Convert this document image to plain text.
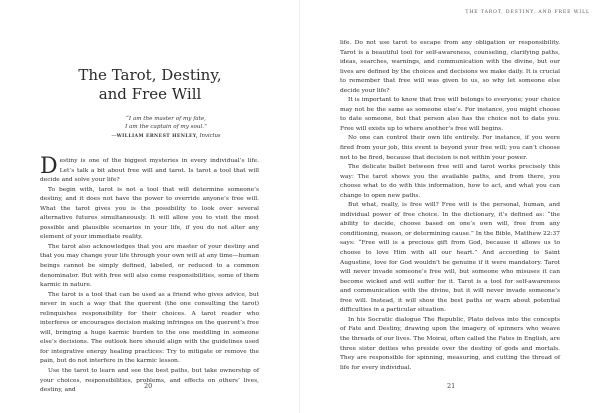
THE TAROT, DESTINY, AND FREE WILL
The Tarot, Destiny,
and Free Will
“I am the master of my fate,
I am the captain of my soul.”
—WILLIAM ERNEST HENLEY, Invictus

Destiny is one of the biggest mysteries in every individual’s life. Let’s talk a bit about free will and tarot. Is tarot a tool that will decide and solve your life?

To begin with, tarot is not a tool that will determine someone’s destiny, and it does not have the power to override anyone’s free will. What the tarot gives you is the possibility to look over several alternative futures simultaneously. It will allow you to visit the most possible and plausible scenarios in your life, if you do not alter any element of your immediate reality.

The tarot also acknowledges that you are master of your destiny and that you may change your life through your own will at any time—human beings cannot be simply defined, labeled, or reduced to a common denominator. But with free will also come responsibilities, some of them karmic in nature.

The tarot is a tool that can be used as a friend who gives advice, but never in such a way that the querent (the one consulting the tarot) relinquishes responsibility for their choices. A tarot reader who interferes or encourages decision making infringes on the querent’s free will, bringing a huge karmic burden to the one meddling in someone else’s decisions. The outlook here should align with the guidelines used for integrative energy healing practices: Try to mitigate or remove the pain, but do not interfere in the karmic lesson.

Use the tarot to learn and see the best paths, but take ownership of your choices, responsibilities, problems, and effects on others’ lives, destiny, and

life. Do not use tarot to escape from any obligation or responsibility. Tarot is a beautiful tool for self-awareness, counseling, clarifying paths, ideas, searches, warnings, and communication with the divine, but our lives are defined by the choices and decisions we make daily. It is crucial to remember that free will was given to us, so why let someone else decide your life?

It is important to know that free will belongs to everyone; your choice may not be the same as someone else’s. For instance, you might choose to date someone, but that person also has the choice not to date you. Free will exists up to where another’s free will begins.

No one can control their own life entirely. For instance, if you were fired from your job, this event is beyond your free will; you can’t choose not to be fired, because that decision is not within your power.

The delicate ballet between free will and tarot works precisely this way: The tarot shows you the available paths, and from there, you choose what to do with this information, how to act, and what you can change to open new paths.

But what, really, is free will? Free will is the personal, human, and individual power of free choice. In the dictionary, it’s defined as: “the ability to decide, choose based on one’s own will, free from any conditioning, reason, or determining cause.” In the Bible, Matthew 22:37 says: “Free will is a precious gift from God, because it allows us to choose to love Him with all our heart.” And according to Saint Augustine, love for God wouldn’t be genuine if it were mandatory. Tarot will never invade someone’s free will, but someone who misuses it can become wicked and will suffer for it. Tarot is a tool for self-awareness and communication with the divine, but it will never invade someone’s free will. Instead, it will show the best paths or warn about potential difficulties in a particular situation.

In his Socratic dialogue The Republic, Plato delves into the concepts of Fate and Destiny, drawing upon the imagery of spinners who weave the threads of our lives. The Moirai, often called the Fates in English, are three sister deities who preside over the destiny of gods and mortals. They are responsible for spinning, measuring, and cutting the thread of life for every individual.

20	21
